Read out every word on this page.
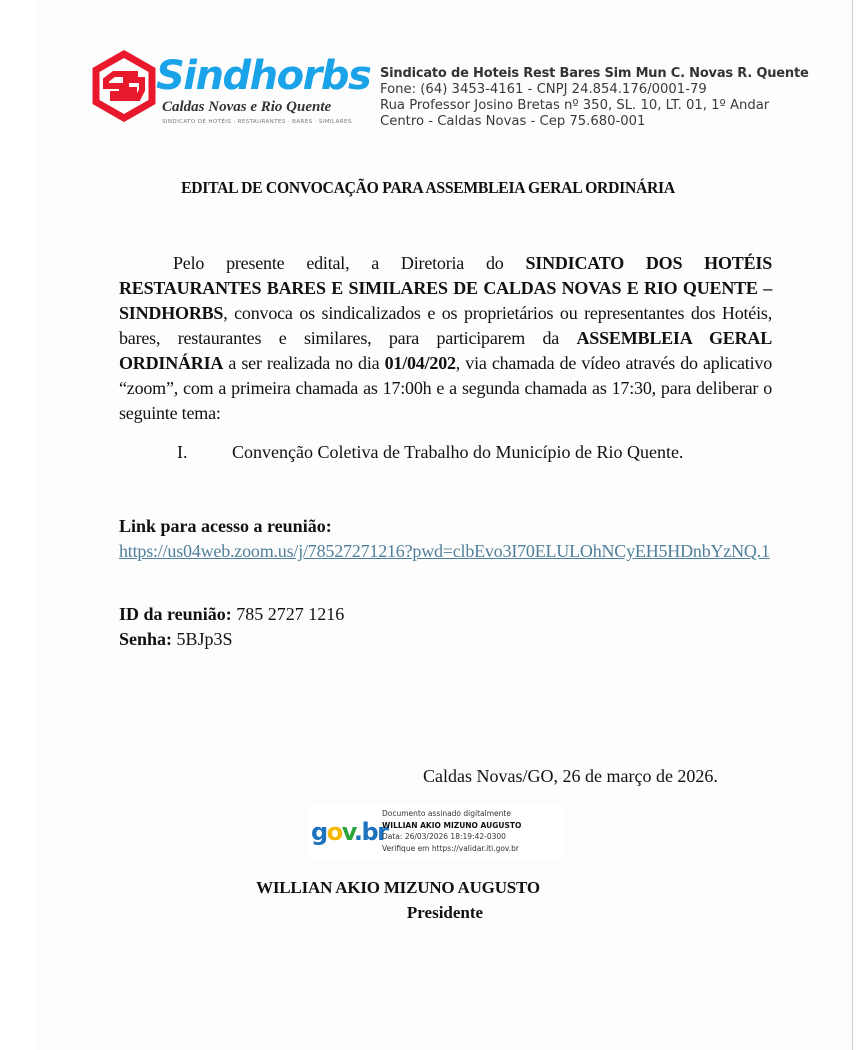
Sindhorbs
Caldas Novas e Rio Quente
SINDICATO DE HOTÉIS · RESTAURANTES · BARES · SIMILARES
Sindicato de Hoteis Rest Bares Sim Mun C. Novas R. Quente
Fone: (64) 3453-4161 - CNPJ 24.854.176/0001-79
Rua Professor Josino Bretas nº 350, SL. 10, LT. 01, 1º Andar
Centro - Caldas Novas - Cep 75.680-001
EDITAL DE CONVOCAÇÃO PARA ASSEMBLEIA GERAL ORDINÁRIA
Pelo presente edital, a Diretoria do SINDICATO DOS HOTÉIS RESTAURANTES BARES E SIMILARES DE CALDAS NOVAS E RIO QUENTE – SINDHORBS, convoca os sindicalizados e os proprietários ou representantes dos Hotéis, bares, restaurantes e similares, para participarem da ASSEMBLEIA GERAL ORDINÁRIA a ser realizada no dia 01/04/202, via chamada de vídeo através do aplicativo “zoom”, com a primeira chamada as 17:00h e a segunda chamada as 17:30, para deliberar o seguinte tema:
I. Convenção Coletiva de Trabalho do Município de Rio Quente.
Link para acesso a reunião:
https://us04web.zoom.us/j/78527271216?pwd=clbEvo3I70ELULOhNCyEH5HDnbYzNQ.1
ID da reunião: 785 2727 1216
Senha: 5BJp3S
Caldas Novas/GO, 26 de março de 2026.
gov.br
Documento assinado digitalmente
WILLIAN AKIO MIZUNO AUGUSTO
Data: 26/03/2026 18:19:42-0300
Verifique em https://validar.iti.gov.br
WILLIAN AKIO MIZUNO AUGUSTO
Presidente
